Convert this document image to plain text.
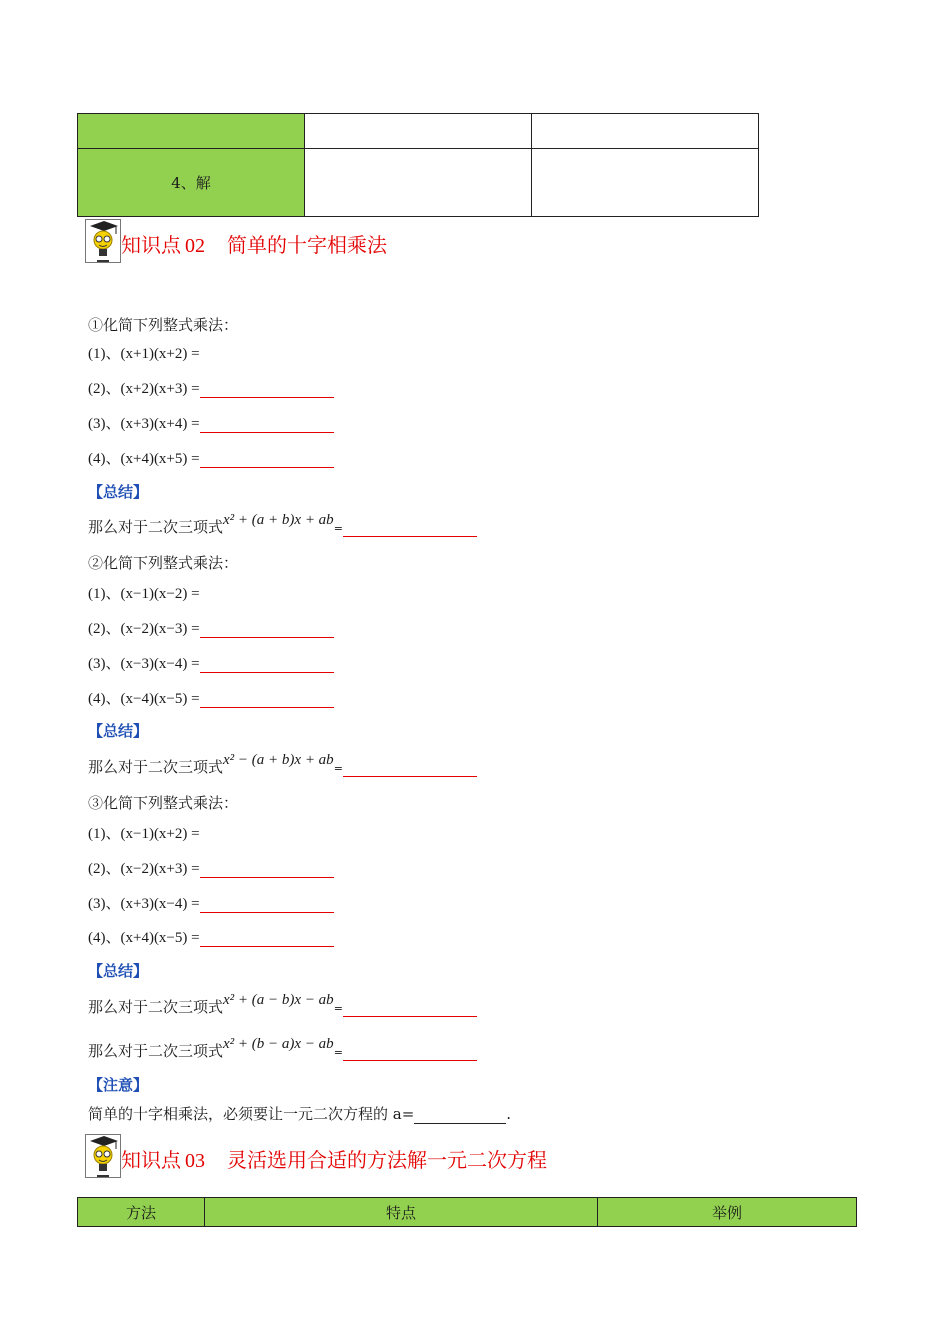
4、解		
知识点 02 简单的十字相乘法
①化简下列整式乘法：
(1)、(x+1)(x+2) =
(2)、(x+2)(x+3) =
(3)、(x+3)(x+4) =
(4)、(x+4)(x+5) =
【总结】
那么对于二次三项式x² + (a + b)x + ab=
②化简下列整式乘法：
(1)、(x−1)(x−2) =
(2)、(x−2)(x−3) =
(3)、(x−3)(x−4) =
(4)、(x−4)(x−5) =
【总结】
那么对于二次三项式x² − (a + b)x + ab=
③化简下列整式乘法：
(1)、(x−1)(x+2) =
(2)、(x−2)(x+3) =
(3)、(x+3)(x−4) =
(4)、(x+4)(x−5) =
【总结】
那么对于二次三项式x² + (a − b)x − ab=
那么对于二次三项式x² + (b − a)x − ab=
【注意】
简单的十字相乘法，必须要让一元二次方程的 a=	.
知识点 03 灵活选用合适的方法解一元二次方程
方法	特点	举例
